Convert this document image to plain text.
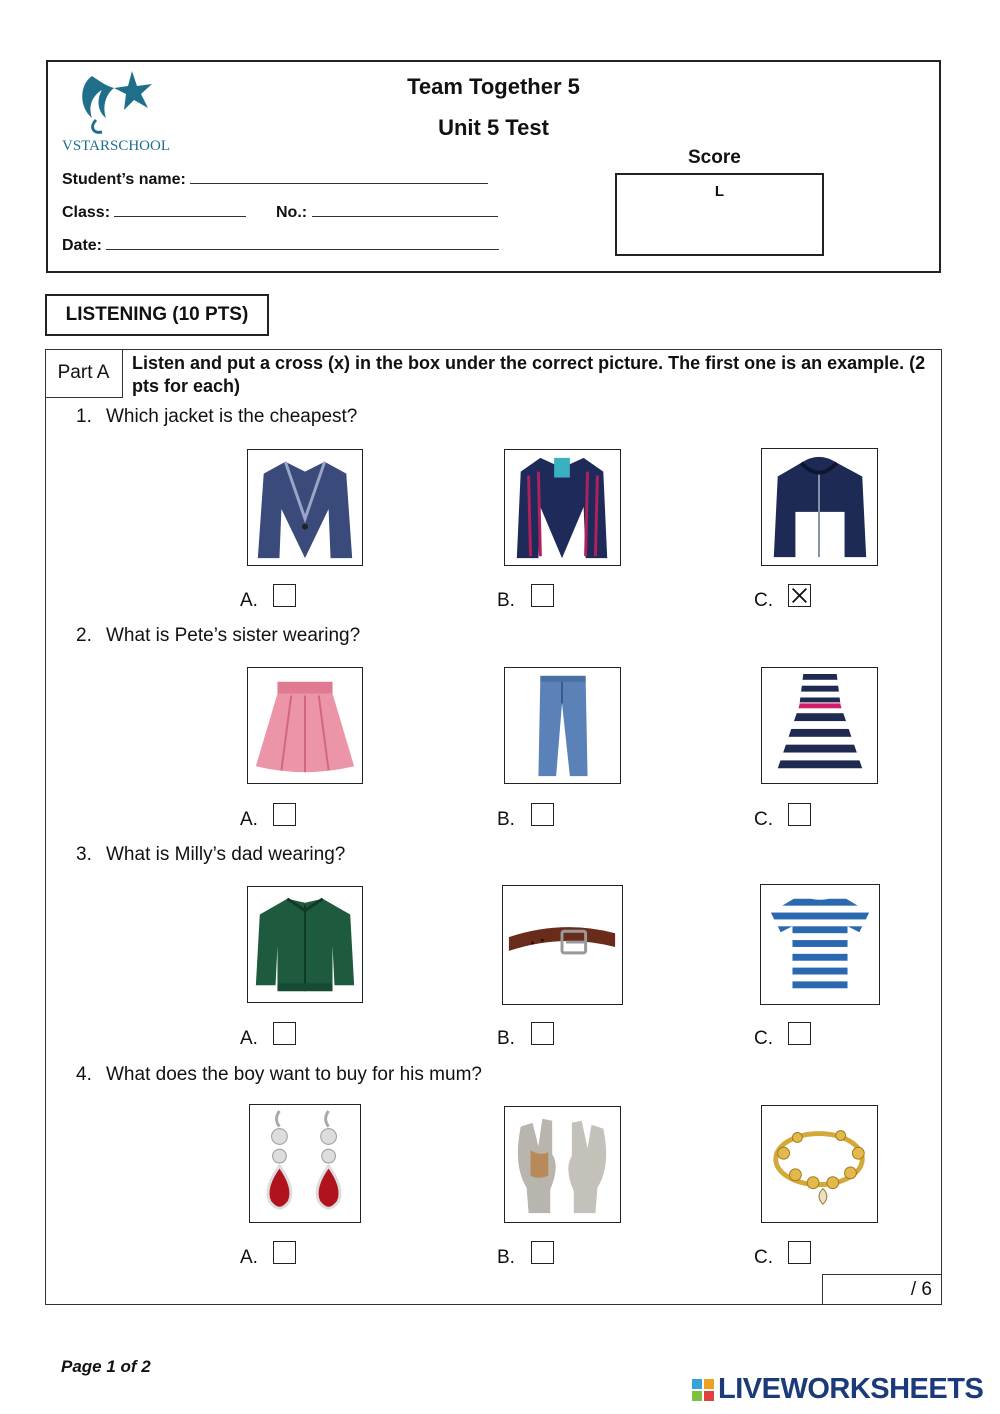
VSTARSCHOOL
Team Together 5
Unit 5 Test
Student’s name:
Class:	No.:
Date:
Score
L
LISTENING (10 PTS)
Part A	Listen and put a cross (x) in the box under the correct picture. The first one is an example. (2 pts for each)
1. Which jacket is the cheapest?
A.	B.	C.
2. What is Pete’s sister wearing?
A.	B.	C.
3. What is Milly’s dad wearing?
A.	B.	C.
4. What does the boy want to buy for his mum?
A.	B.	C.
/ 6
Page 1 of 2
LIVEWORKSHEETS
